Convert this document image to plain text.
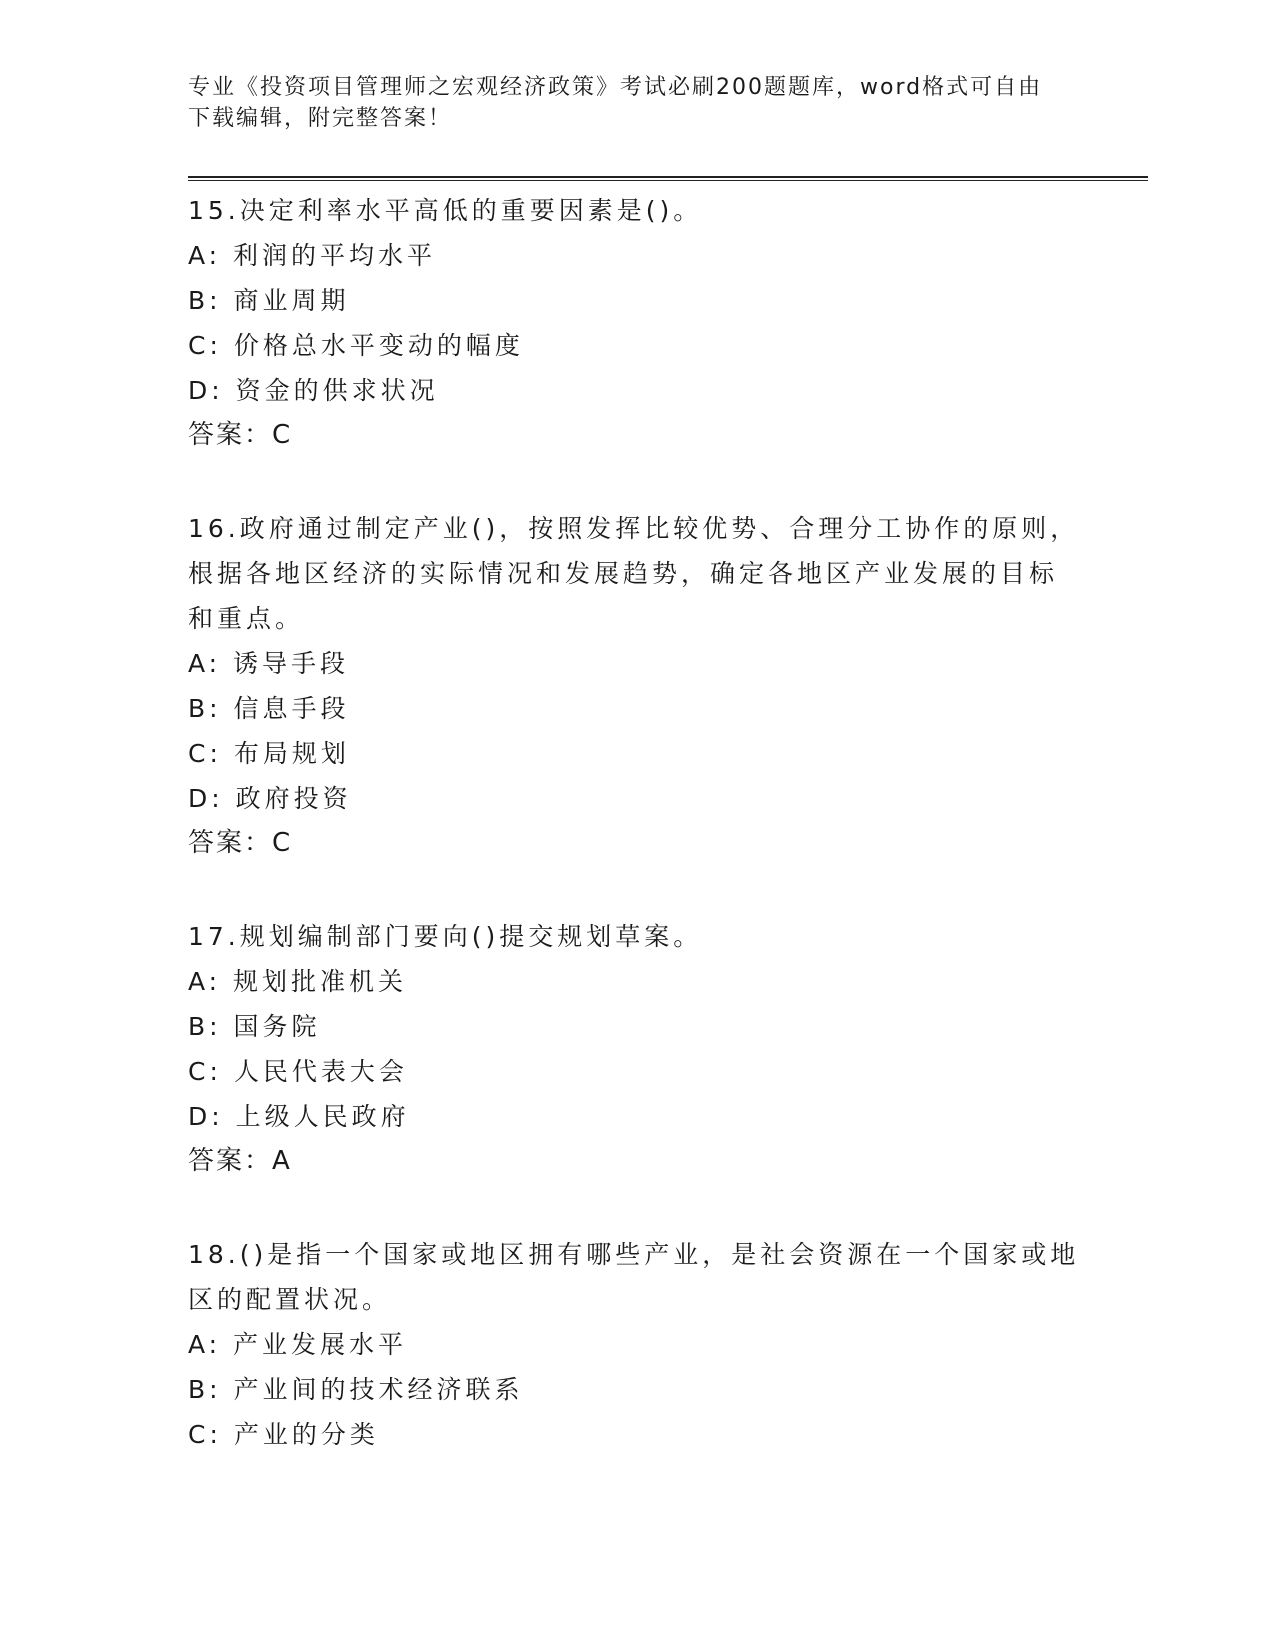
专业《投资项目管理师之宏观经济政策》考试必刷200题题库，word格式可自由
下载编辑，附完整答案！
15.决定利率水平高低的重要因素是()。
A: 利润的平均水平
B: 商业周期
C: 价格总水平变动的幅度
D: 资金的供求状况
答案：C
16.政府通过制定产业()，按照发挥比较优势、合理分工协作的原则，
根据各地区经济的实际情况和发展趋势，确定各地区产业发展的目标
和重点。
A: 诱导手段
B: 信息手段
C: 布局规划
D: 政府投资
答案：C
17.规划编制部门要向()提交规划草案。
A: 规划批准机关
B: 国务院
C: 人民代表大会
D: 上级人民政府
答案：A
18.()是指一个国家或地区拥有哪些产业，是社会资源在一个国家或地
区的配置状况。
A: 产业发展水平
B: 产业间的技术经济联系
C: 产业的分类
